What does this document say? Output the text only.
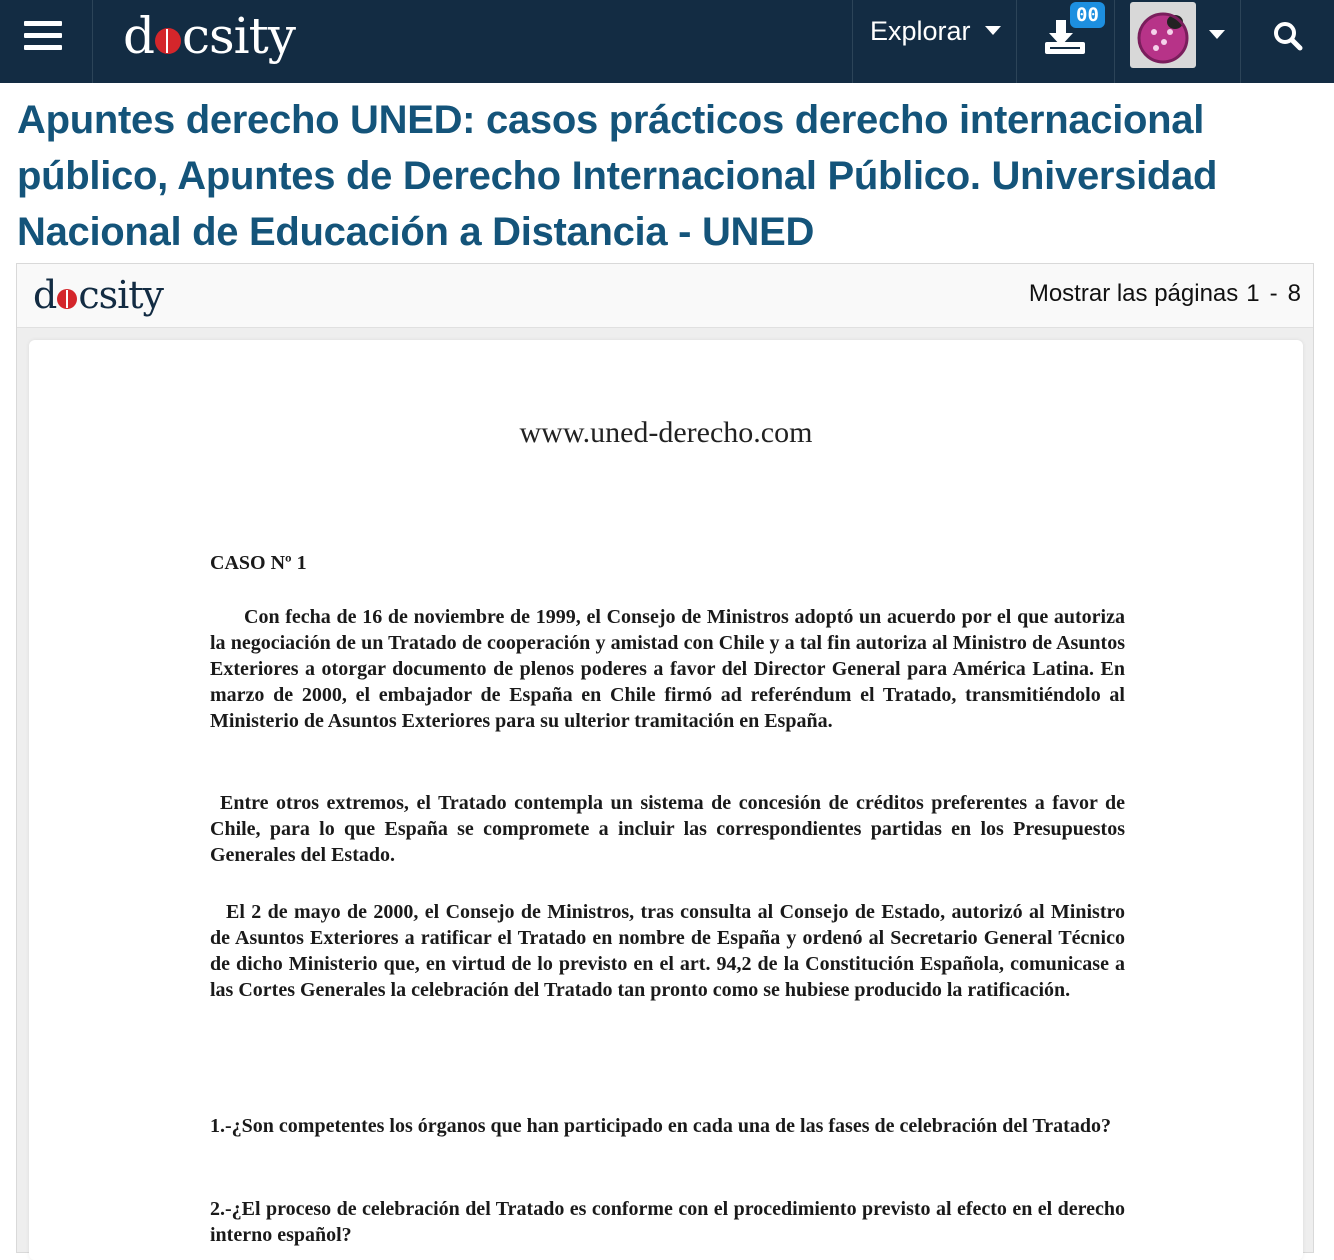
d csity	Explorar
00
Apuntes derecho UNED: casos prácticos derecho internacional público, Apuntes de Derecho Internacional Público. Universidad Nacional de Educación a Distancia - UNED
d csity	Mostrar las páginas 1 - 8
www.uned-derecho.com
CASO Nº 1
Con fecha de 16 de noviembre de 1999, el Consejo de Ministros adoptó un acuerdo por el que autoriza la negociación de un Tratado de cooperación y amistad con Chile y a tal fin autoriza al Ministro de Asuntos Exteriores a otorgar documento de plenos poderes a favor del Director General para América Latina. En marzo de 2000, el embajador de España en Chile firmó ad referéndum el Tratado, transmitiéndolo al Ministerio de Asuntos Exteriores para su ulterior tramitación en España.
Entre otros extremos, el Tratado contempla un sistema de concesión de créditos preferentes a favor de Chile, para lo que España se compromete a incluir las correspondientes partidas en los Presupuestos Generales del Estado.
El 2 de mayo de 2000, el Consejo de Ministros, tras consulta al Consejo de Estado, autorizó al Ministro de Asuntos Exteriores a ratificar el Tratado en nombre de España y ordenó al Secretario General Técnico de dicho Ministerio que, en virtud de lo previsto en el art. 94,2 de la Constitución Española, comunicase a las Cortes Generales la celebración del Tratado tan pronto como se hubiese producido la ratificación.
1.-¿Son competentes los órganos que han participado en cada una de las fases de celebración del Tratado?
2.-¿El proceso de celebración del Tratado es conforme con el procedimiento previsto al efecto en el derecho interno español?
